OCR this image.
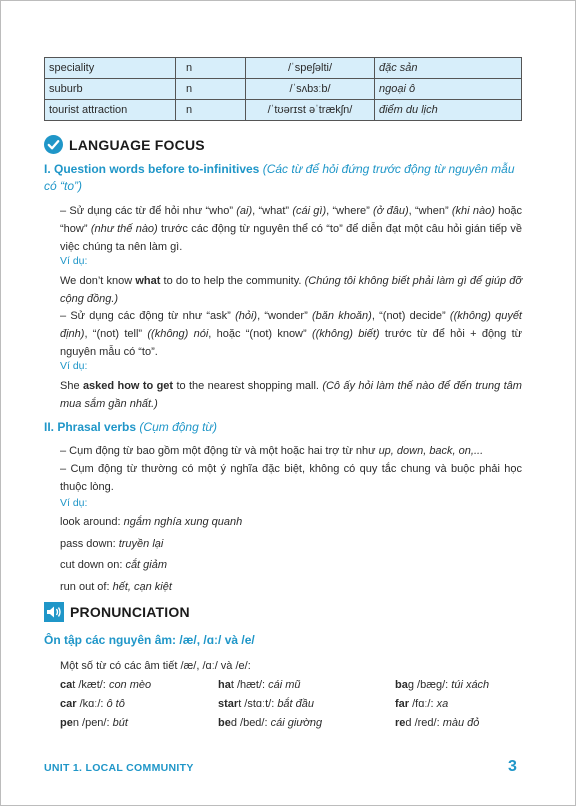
speciality	n	/ˈspeʃəlti/	đặc sản
suburb	n	/ˈsʌbɜːb/	ngoại ô
tourist attraction	n	/ˈtʊərɪst əˈtrækʃn/	điểm du lịch
LANGUAGE FOCUS
I. Question words before to-infinitives (Các từ để hỏi đứng trước động từ nguyên mẫu có “to”)
– Sử dụng các từ để hỏi như “who” (ai), “what” (cái gì), “where” (ở đâu), “when” (khi nào) hoặc “how” (như thế nào) trước các động từ nguyên thể có “to” để diễn đạt một câu hỏi gián tiếp về việc chúng ta nên làm gì.
Ví dụ:
We don’t know what to do to help the community. (Chúng tôi không biết phải làm gì để giúp đỡ cộng đồng.)
– Sử dụng các động từ như “ask” (hỏi), “wonder” (băn khoăn), “(not) decide” ((không) quyết định), “(not) tell” ((không) nói, hoặc “(not) know” ((không) biết) trước từ để hỏi + động từ nguyên mẫu có “to”.
Ví dụ:
She asked how to get to the nearest shopping mall. (Cô ấy hỏi làm thế nào để đến trung tâm mua sắm gần nhất.)
II. Phrasal verbs (Cụm động từ)
– Cụm động từ bao gồm một động từ và một hoặc hai trợ từ như up, down, back, on,...
– Cụm động từ thường có một ý nghĩa đặc biệt, không có quy tắc chung và buộc phải học thuộc lòng.
Ví dụ:
look around: ngắm nghía xung quanh
pass down: truyền lại
cut down on: cắt giảm
run out of: hết, cạn kiệt
PRONUNCIATION
Ôn tập các nguyên âm: /æ/, /ɑː/ và /e/
Một số từ có các âm tiết /æ/, /ɑː/ và /e/:
cat /kæt/: con mèo	hat /hæt/: cái mũ	bag /bæg/: túi xách
car /kɑː/: ô tô	start /stɑːt/: bắt đầu	far /fɑː/: xa
pen /pen/: bút	bed /bed/: cái giường	red /red/: màu đỏ
UNIT 1. LOCAL COMMUNITY	3
